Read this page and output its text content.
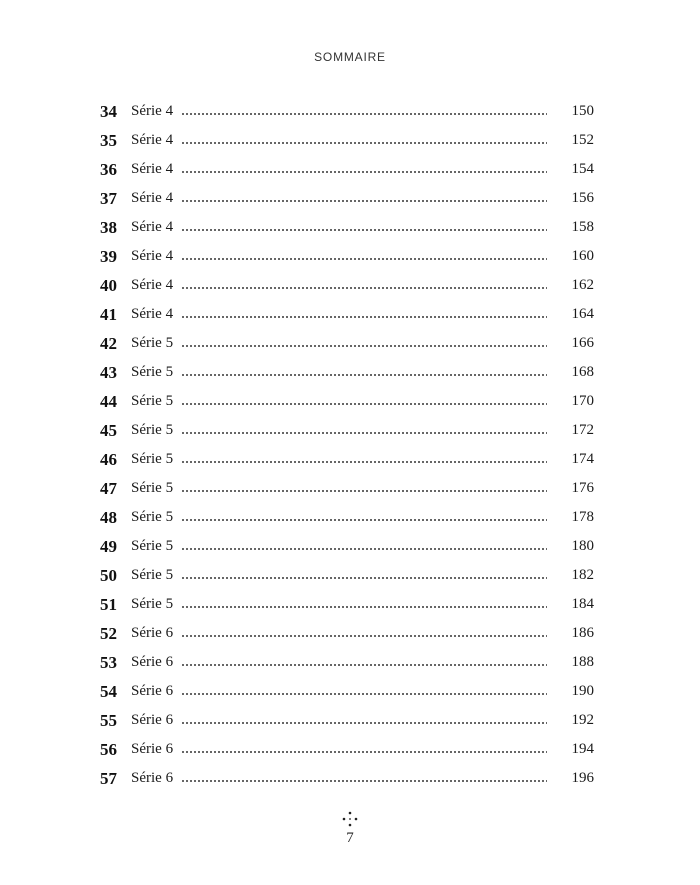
SOMMAIRE
34 Série 4	150
35 Série 4	152
36 Série 4	154
37 Série 4	156
38 Série 4	158
39 Série 4	160
40 Série 4	162
41 Série 4	164
42 Série 5	166
43 Série 5	168
44 Série 5	170
45 Série 5	172
46 Série 5	174
47 Série 5	176
48 Série 5	178
49 Série 5	180
50 Série 5	182
51 Série 5	184
52 Série 6	186
53 Série 6	188
54 Série 6	190
55 Série 6	192
56 Série 6	194
57 Série 6	196
7
